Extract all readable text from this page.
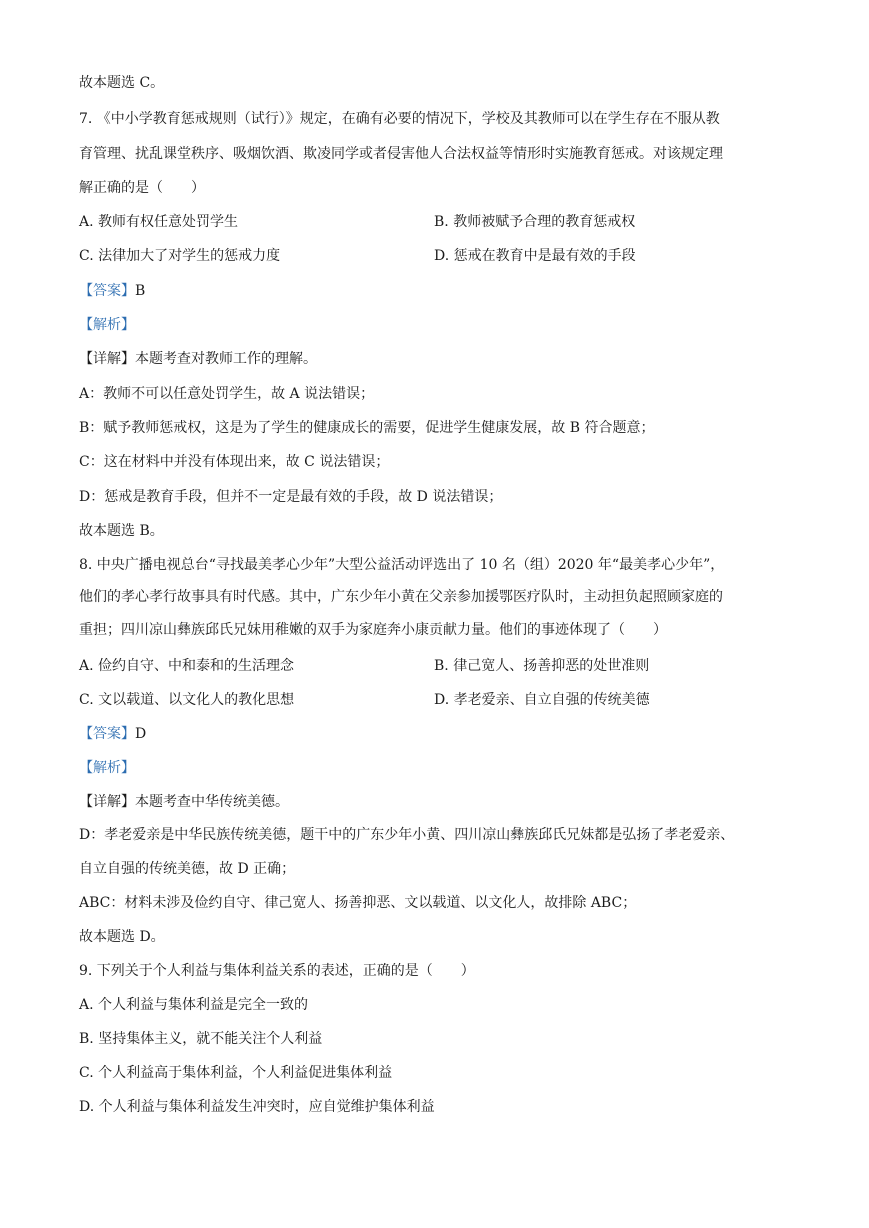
故本题选 C。
7. 《中小学教育惩戒规则（试行）》规定，在确有必要的情况下，学校及其教师可以在学生存在不服从教
育管理、扰乱课堂秩序、吸烟饮酒、欺凌同学或者侵害他人合法权益等情形时实施教育惩戒。对该规定理
解正确的是（　　）
A. 教师有权任意处罚学生	B. 教师被赋予合理的教育惩戒权
C. 法律加大了对学生的惩戒力度	D. 惩戒在教育中是最有效的手段
【答案】B
【解析】
【详解】本题考查对教师工作的理解。
A：教师不可以任意处罚学生，故 A 说法错误；
B：赋予教师惩戒权，这是为了学生的健康成长的需要，促进学生健康发展，故 B 符合题意；
C：这在材料中并没有体现出来，故 C 说法错误；
D：惩戒是教育手段，但并不一定是最有效的手段，故 D 说法错误；
故本题选 B。
8. 中央广播电视总台“寻找最美孝心少年”大型公益活动评选出了 10 名（组）2020 年“最美孝心少年”，
他们的孝心孝行故事具有时代感。其中，广东少年小黄在父亲参加援鄂医疗队时，主动担负起照顾家庭的
重担；四川凉山彝族邱氏兄妹用稚嫩的双手为家庭奔小康贡献力量。他们的事迹体现了（　　）
A. 俭约自守、中和泰和的生活理念	B. 律己宽人、扬善抑恶的处世准则
C. 文以载道、以文化人的教化思想	D. 孝老爱亲、自立自强的传统美德
【答案】D
【解析】
【详解】本题考查中华传统美德。
D：孝老爱亲是中华民族传统美德，题干中的广东少年小黄、四川凉山彝族邱氏兄妹都是弘扬了孝老爱亲、
自立自强的传统美德，故 D 正确；
ABC：材料未涉及俭约自守、律己宽人、扬善抑恶、文以载道、以文化人，故排除 ABC；
故本题选 D。
9. 下列关于个人利益与集体利益关系的表述，正确的是（　　）
A. 个人利益与集体利益是完全一致的
B. 坚持集体主义，就不能关注个人利益
C. 个人利益高于集体利益，个人利益促进集体利益
D. 个人利益与集体利益发生冲突时，应自觉维护集体利益
